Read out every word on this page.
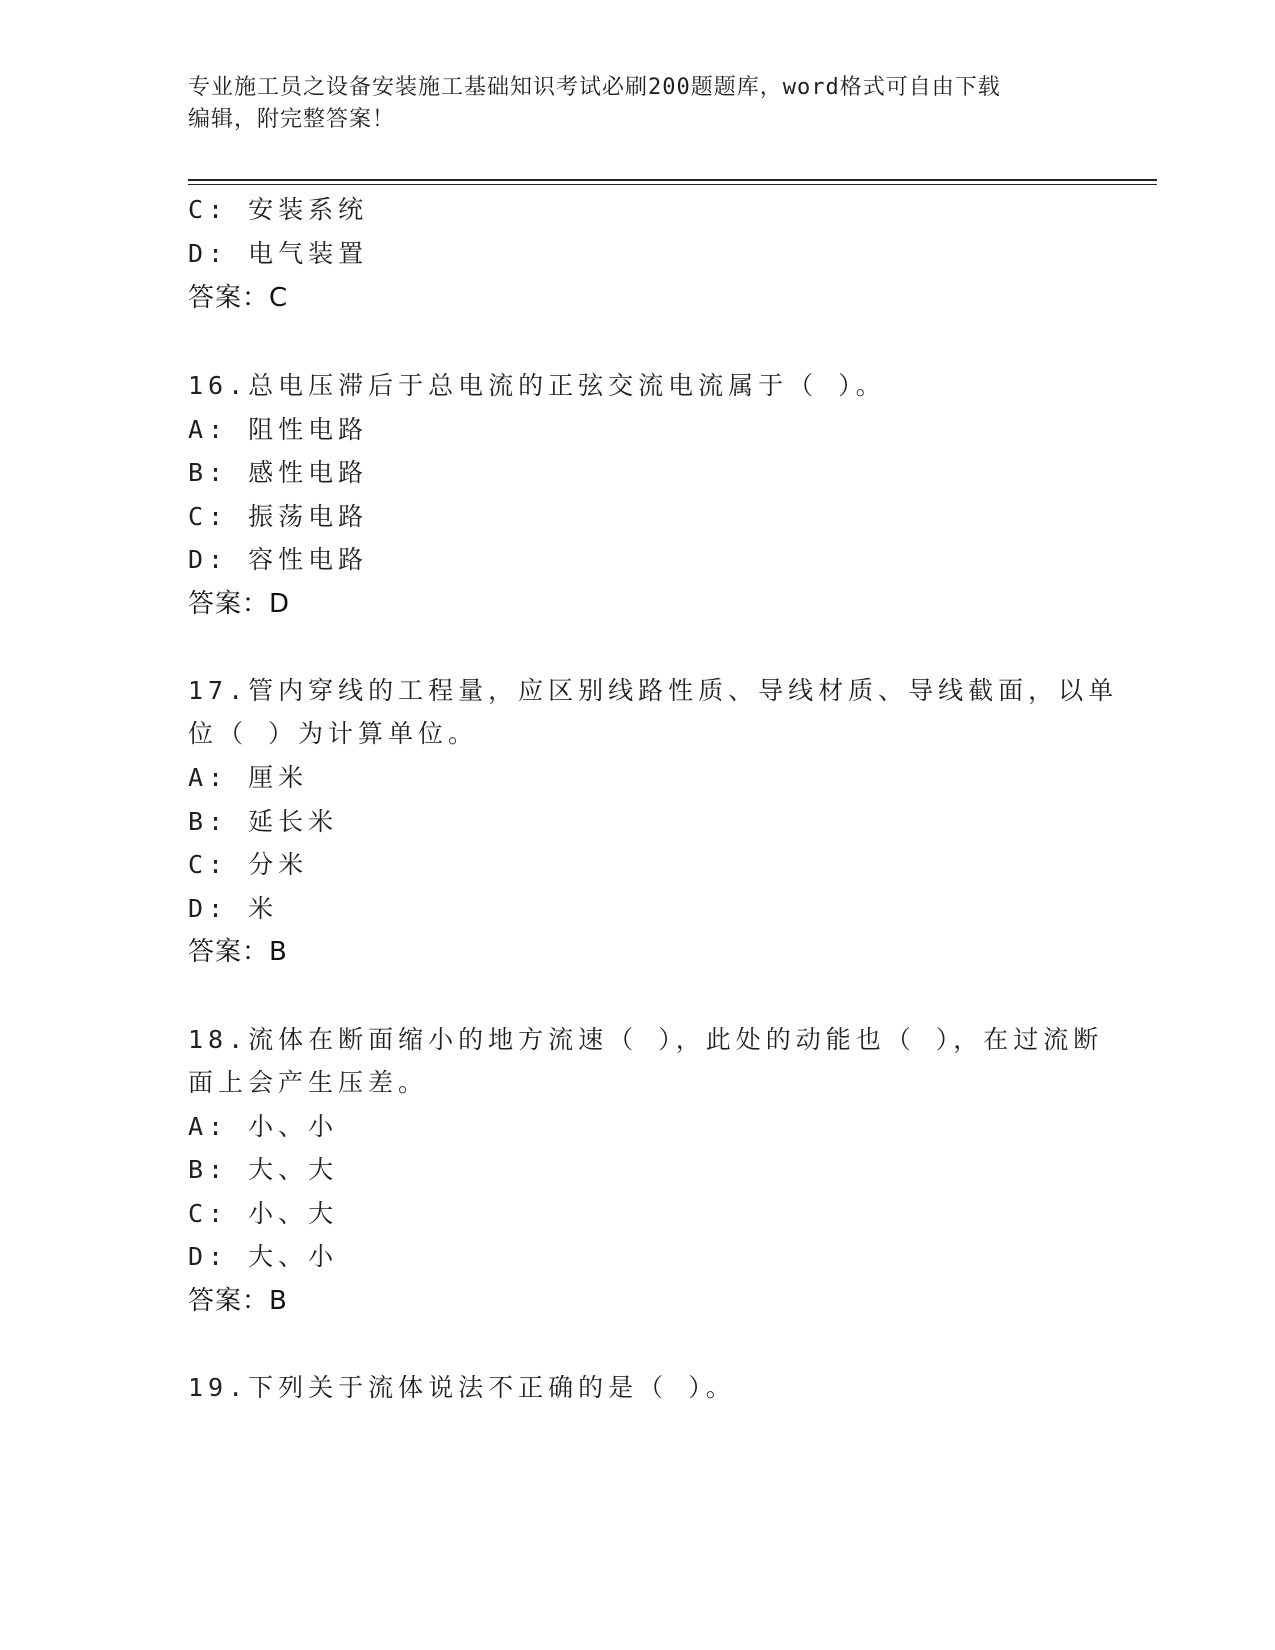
专业施工员之设备安装施工基础知识考试必刷200题题库，word格式可自由下载
编辑，附完整答案！
C: 安装系统
D: 电气装置
答案：C
16.总电压滞后于总电流的正弦交流电流属于（ ）。
A: 阻性电路
B: 感性电路
C: 振荡电路
D: 容性电路
答案：D
17.管内穿线的工程量，应区别线路性质、导线材质、导线截面，以单
位（ ）为计算单位。
A: 厘米
B: 延长米
C: 分米
D: 米
答案：B
18.流体在断面缩小的地方流速（ ），此处的动能也（ ），在过流断
面上会产生压差。
A: 小、小
B: 大、大
C: 小、大
D: 大、小
答案：B
19.下列关于流体说法不正确的是（ ）。
